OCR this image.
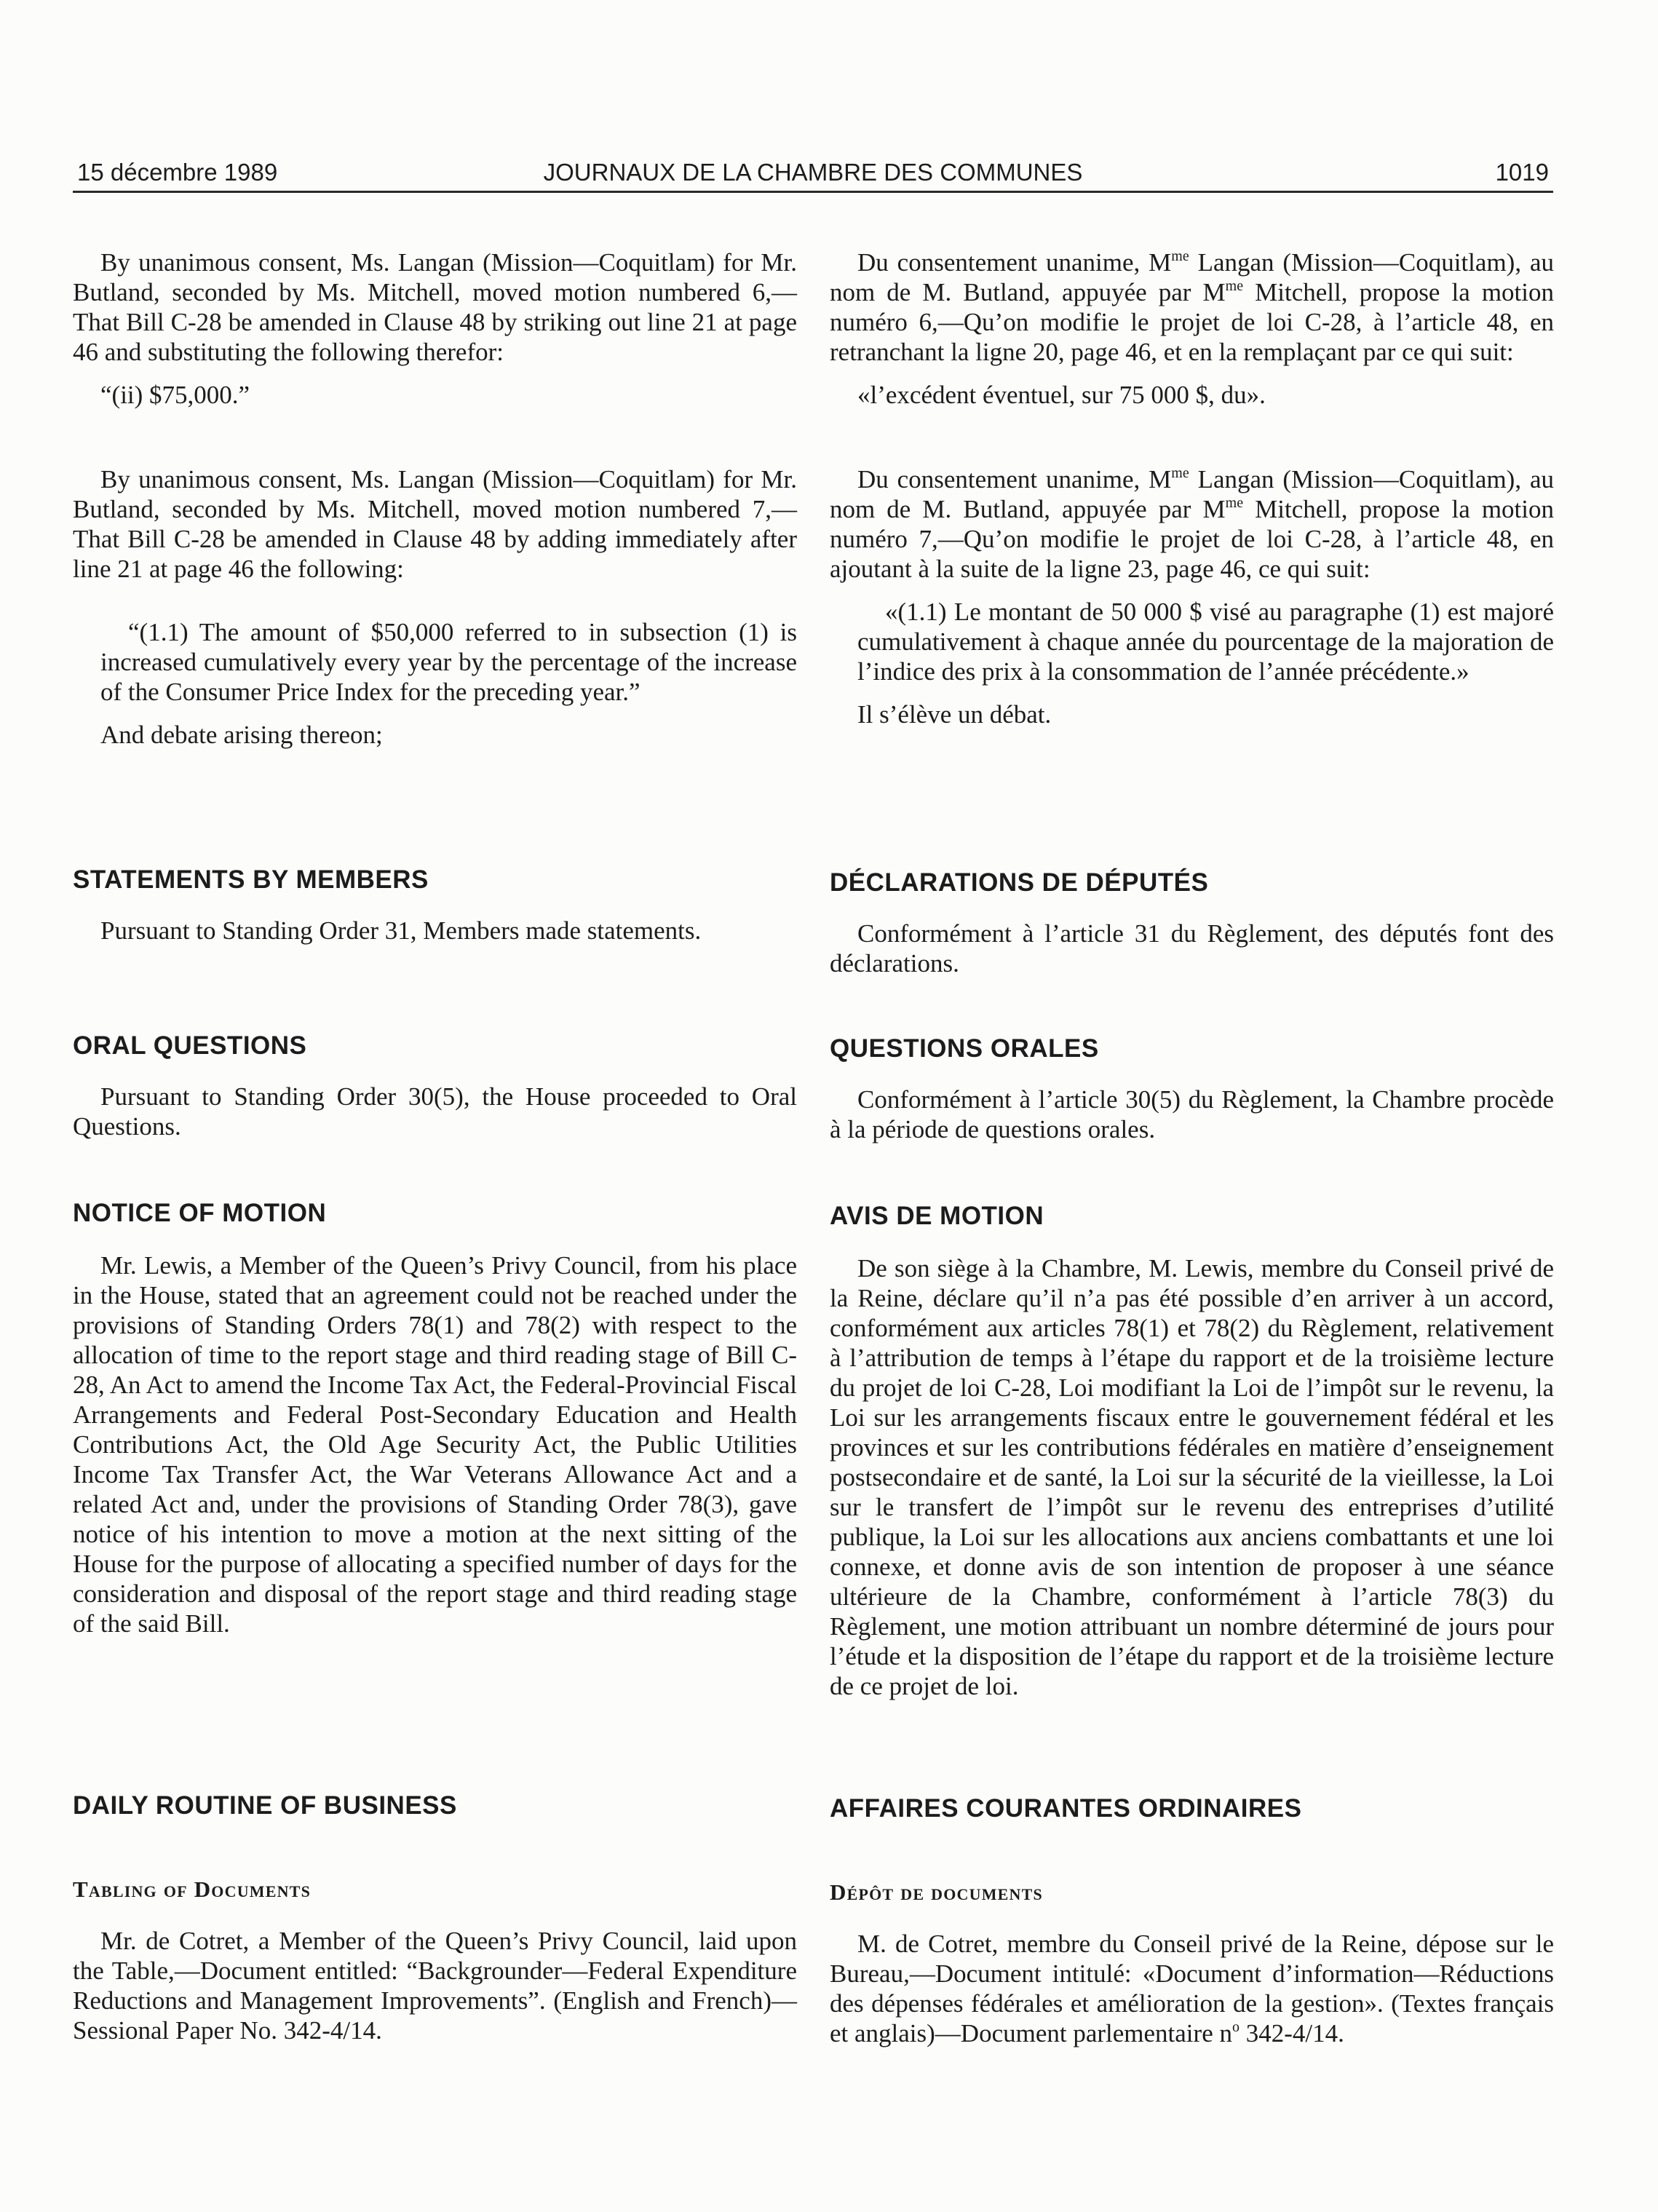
15 décembre 1989	JOURNAUX DE LA CHAMBRE DES COMMUNES	1019

By unanimous consent, Ms. Langan (Mission—Coquitlam) for Mr. Butland, seconded by Ms. Mitchell, moved motion numbered 6,—That Bill C-28 be amended in Clause 48 by striking out line 21 at page 46 and substituting the following therefor:

“(ii) $75,000.”

By unanimous consent, Ms. Langan (Mission—Coquitlam) for Mr. Butland, seconded by Ms. Mitchell, moved motion numbered 7,—That Bill C-28 be amended in Clause 48 by adding immediately after line 21 at page 46 the following:

“(1.1) The amount of $50,000 referred to in subsection (1) is increased cumulatively every year by the percentage of the increase of the Consumer Price Index for the preceding year.”

And debate arising thereon;

STATEMENTS BY MEMBERS

Pursuant to Standing Order 31, Members made statements.

ORAL QUESTIONS

Pursuant to Standing Order 30(5), the House proceeded to Oral Questions.

NOTICE OF MOTION

Mr. Lewis, a Member of the Queen’s Privy Council, from his place in the House, stated that an agreement could not be reached under the provisions of Standing Orders 78(1) and 78(2) with respect to the allocation of time to the report stage and third reading stage of Bill C-28, An Act to amend the Income Tax Act, the Federal-Provincial Fiscal Arrangements and Federal Post-Secondary Education and Health Contributions Act, the Old Age Security Act, the Public Utilities Income Tax Transfer Act, the War Veterans Allowance Act and a related Act and, under the provisions of Standing Order 78(3), gave notice of his intention to move a motion at the next sitting of the House for the purpose of allocating a specified number of days for the consideration and disposal of the report stage and third reading stage of the said Bill.

DAILY ROUTINE OF BUSINESS
Tabling of Documents

Mr. de Cotret, a Member of the Queen’s Privy Council, laid upon the Table,—Document entitled: “Backgrounder—Federal Expenditure Reductions and Management Improvements”. (English and French)—Sessional Paper No. 342-4/14.

Du consentement unanime, $M^{me}$ Langan (Mission—Coquitlam), au nom de M. Butland, appuyée par $M^{me}$ Mitchell, propose la motion numéro 6,—Qu’on modifie le projet de loi C-28, à l’article 48, en retranchant la ligne 20, page 46, et en la remplaçant par ce qui suit:

«l’excédent éventuel, sur 75 000 $, du».

Du consentement unanime, $M^{me}$ Langan (Mission—Coquitlam), au nom de M. Butland, appuyée par $M^{me}$ Mitchell, propose la motion numéro 7,—Qu’on modifie le projet de loi C-28, à l’article 48, en ajoutant à la suite de la ligne 23, page 46, ce qui suit:

«(1.1) Le montant de 50 000 $ visé au paragraphe (1) est majoré cumulativement à chaque année du pourcentage de la majoration de l’indice des prix à la consommation de l’année précédente.»

Il s’élève un débat.

DÉCLARATIONS DE DÉPUTÉS

Conformément à l’article 31 du Règlement, des députés font des déclarations.

QUESTIONS ORALES

Conformément à l’article 30(5) du Règlement, la Chambre procède à la période de questions orales.

AVIS DE MOTION

De son siège à la Chambre, M. Lewis, membre du Conseil privé de la Reine, déclare qu’il n’a pas été possible d’en arriver à un accord, conformément aux articles 78(1) et 78(2) du Règlement, relativement à l’attribution de temps à l’étape du rapport et de la troisième lecture du projet de loi C-28, Loi modifiant la Loi de l’impôt sur le revenu, la Loi sur les arrangements fiscaux entre le gouvernement fédéral et les provinces et sur les contributions fédérales en matière d’enseignement postsecondaire et de santé, la Loi sur la sécurité de la vieillesse, la Loi sur le transfert de l’impôt sur le revenu des entreprises d’utilité publique, la Loi sur les allocations aux anciens combattants et une loi connexe, et donne avis de son intention de proposer à une séance ultérieure de la Chambre, conformément à l’article 78(3) du Règlement, une motion attribuant un nombre déterminé de jours pour l’étude et la disposition de l’étape du rapport et de la troisième lecture de ce projet de loi.

AFFAIRES COURANTES ORDINAIRES
Dépôt de documents

M. de Cotret, membre du Conseil privé de la Reine, dépose sur le Bureau,—Document intitulé: «Document d’information—Réductions des dépenses fédérales et amélioration de la gestion». (Textes français et anglais)—Document parlementaire $n^o$ 342-4/14.
